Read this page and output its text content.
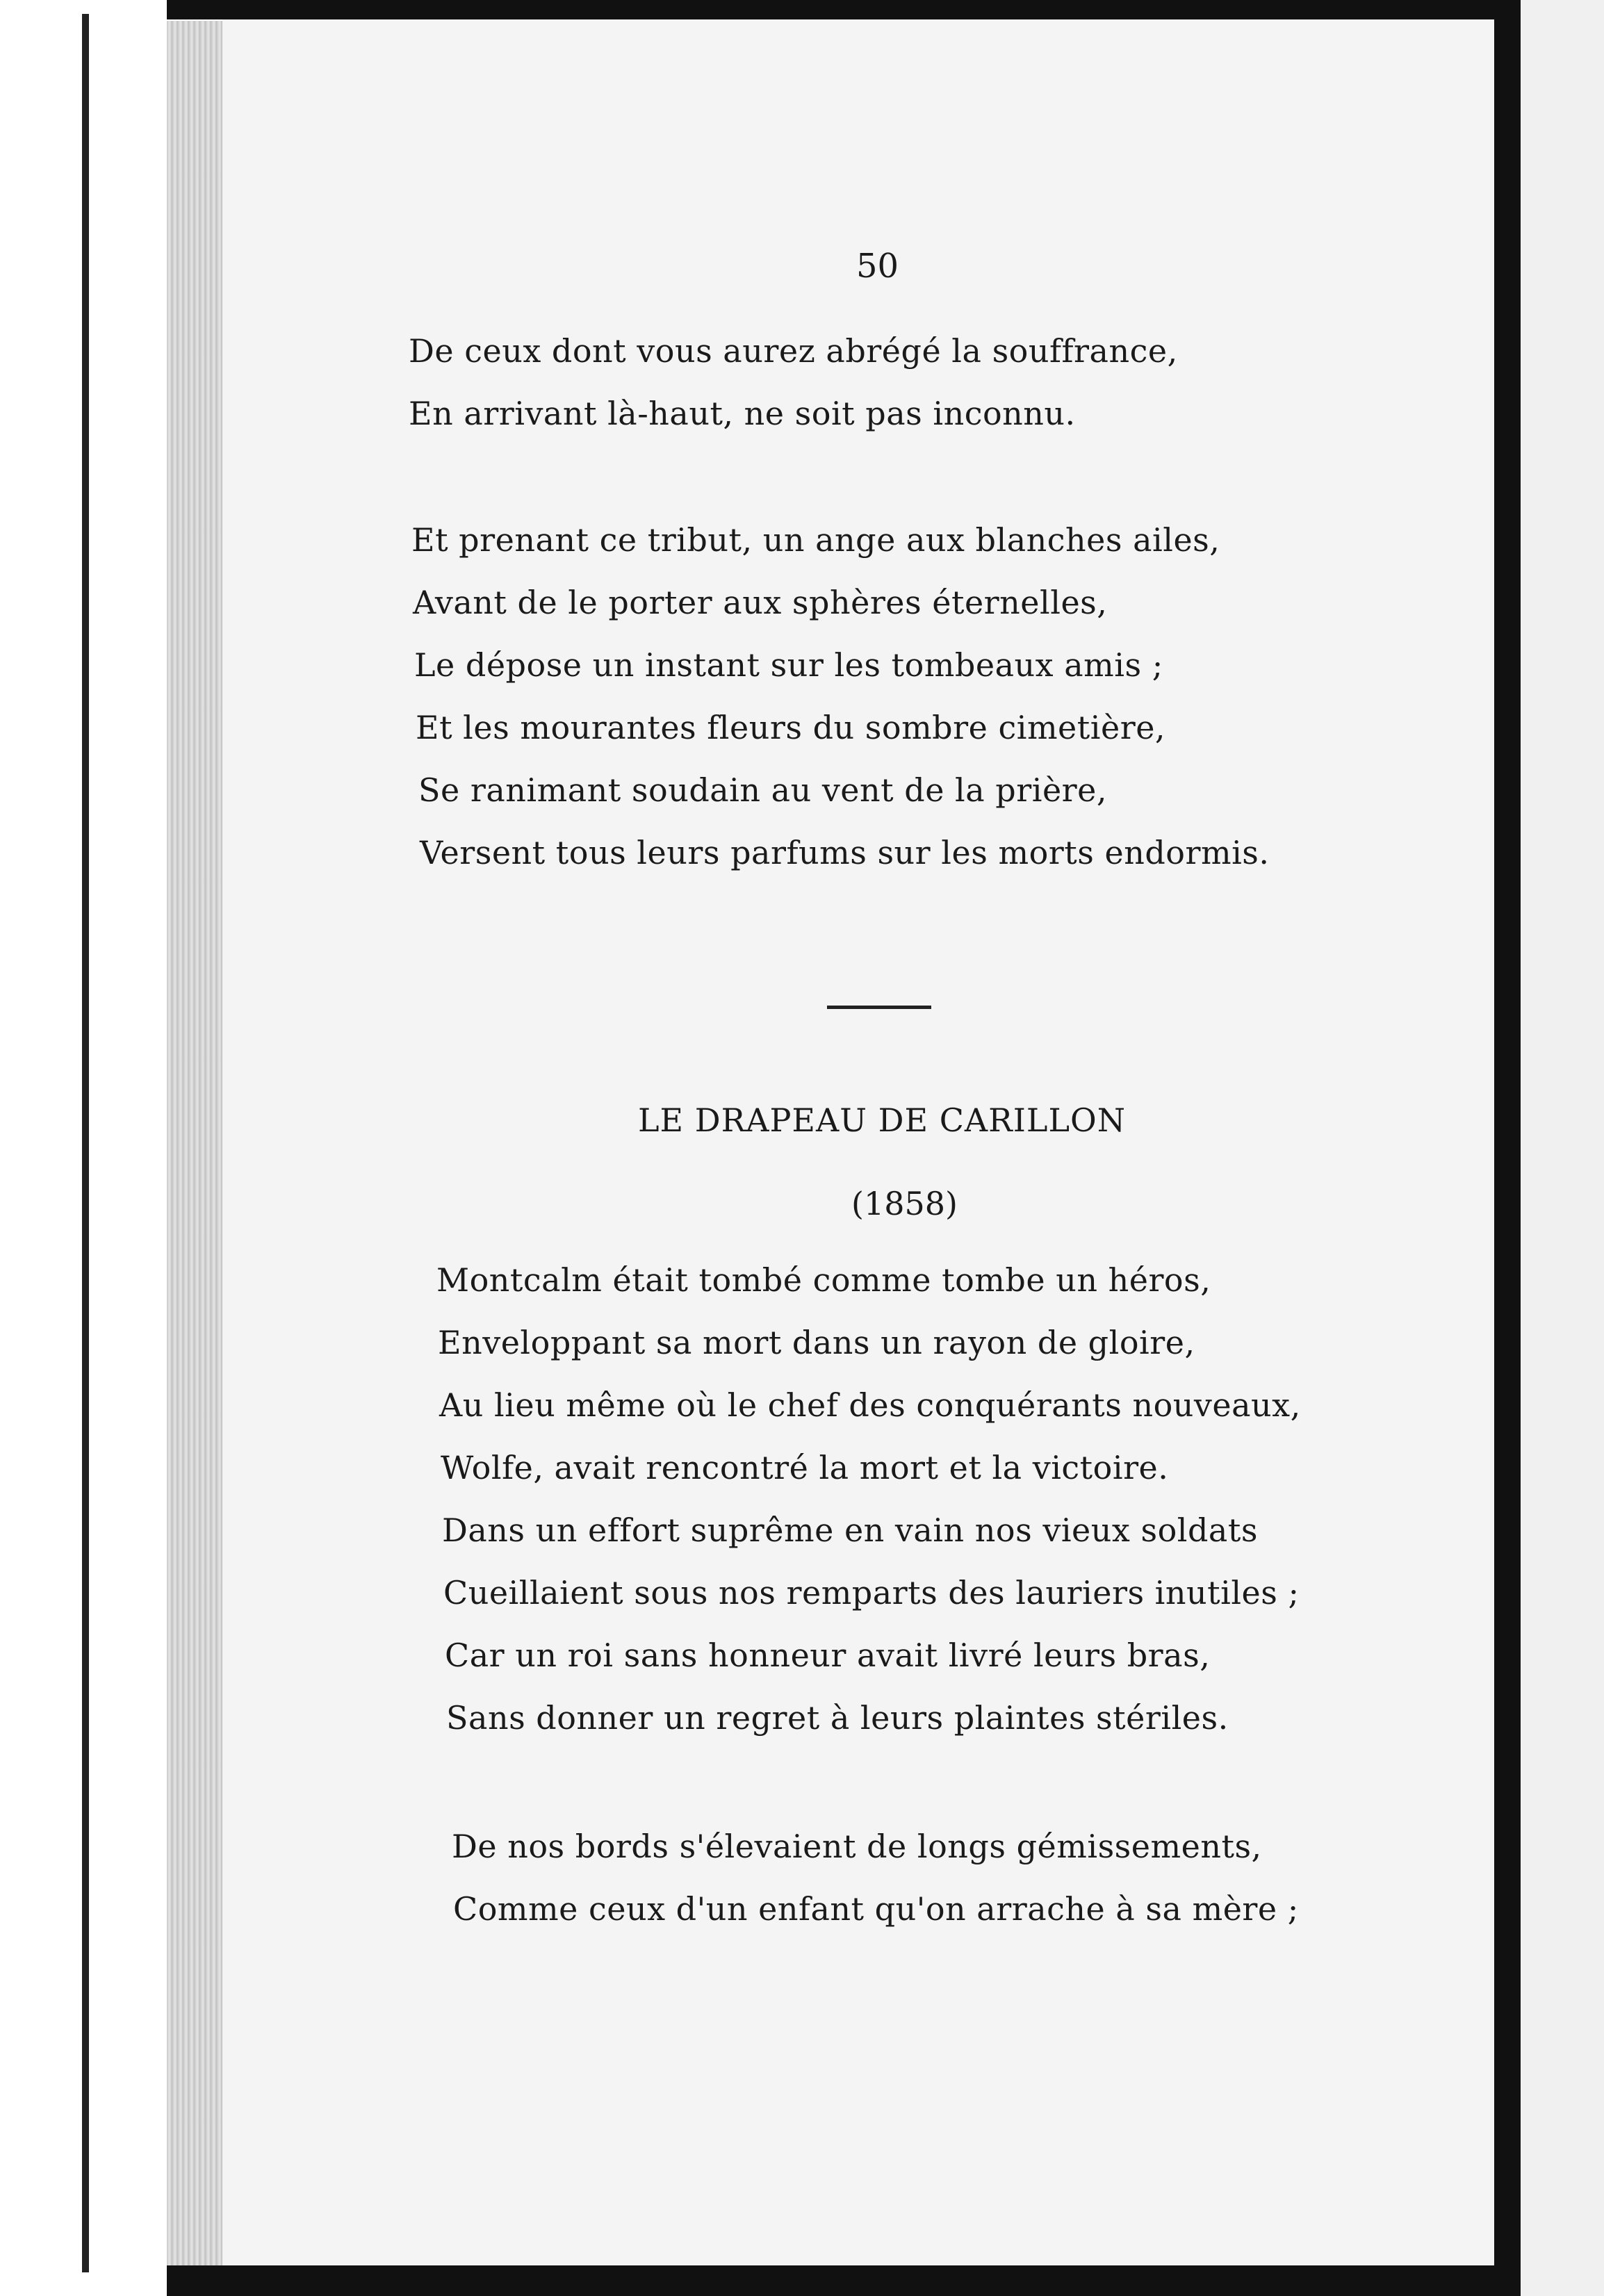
50
De ceux dont vous aurez abrégé la souffrance,
En arrivant là-haut, ne soit pas inconnu.
Et prenant ce tribut, un ange aux blanches ailes,
Avant de le porter aux sphères éternelles,
Le dépose un instant sur les tombeaux amis ;
Et les mourantes fleurs du sombre cimetière,
Se ranimant soudain au vent de la prière,
Versent tous leurs parfums sur les morts endormis.
LE DRAPEAU DE CARILLON
(1858)
Montcalm était tombé comme tombe un héros,
Enveloppant sa mort dans un rayon de gloire,
Au lieu même où le chef des conquérants nouveaux,
Wolfe, avait rencontré la mort et la victoire.
Dans un effort suprême en vain nos vieux soldats
Cueillaient sous nos remparts des lauriers inutiles ;
Car un roi sans honneur avait livré leurs bras,
Sans donner un regret à leurs plaintes stériles.
De nos bords s'élevaient de longs gémissements,
Comme ceux d'un enfant qu'on arrache à sa mère ;
